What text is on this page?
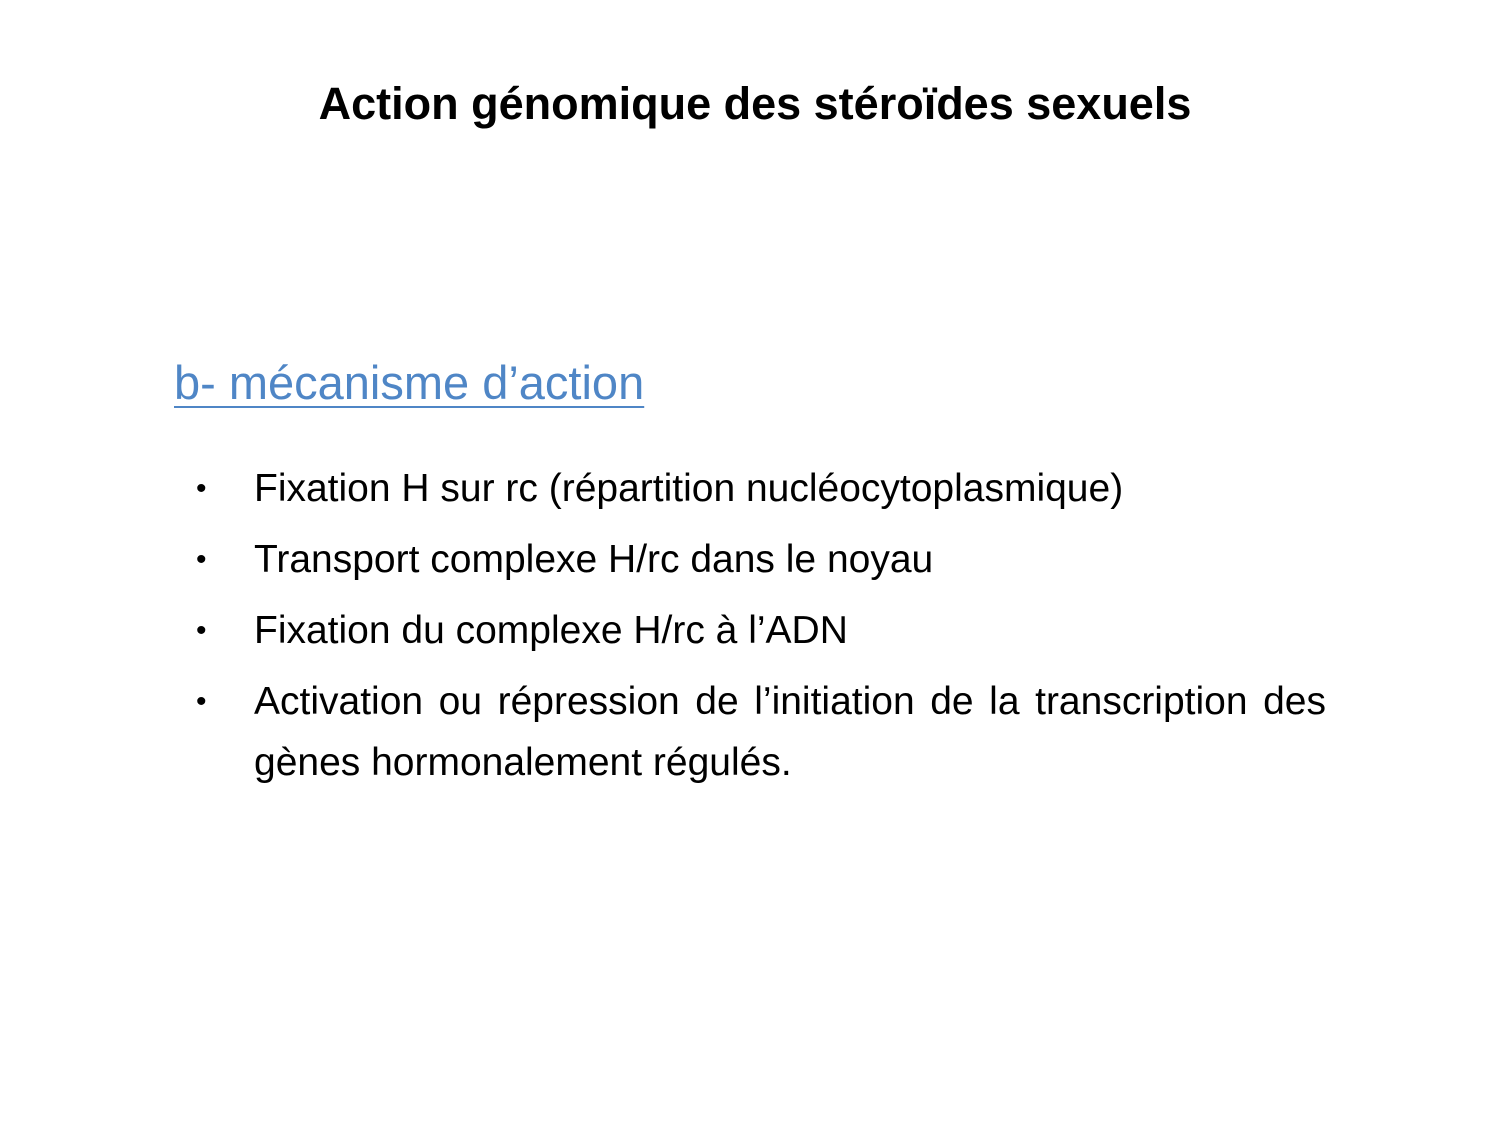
Action génomique des stéroïdes sexuels
b- mécanisme d’action
• Fixation H sur rc (répartition nucléocytoplasmique)
• Transport complexe H/rc dans le noyau
• Fixation du complexe H/rc à l’ADN
• Activation ou répression de l’initiation de la transcription des gènes hormonalement régulés.
